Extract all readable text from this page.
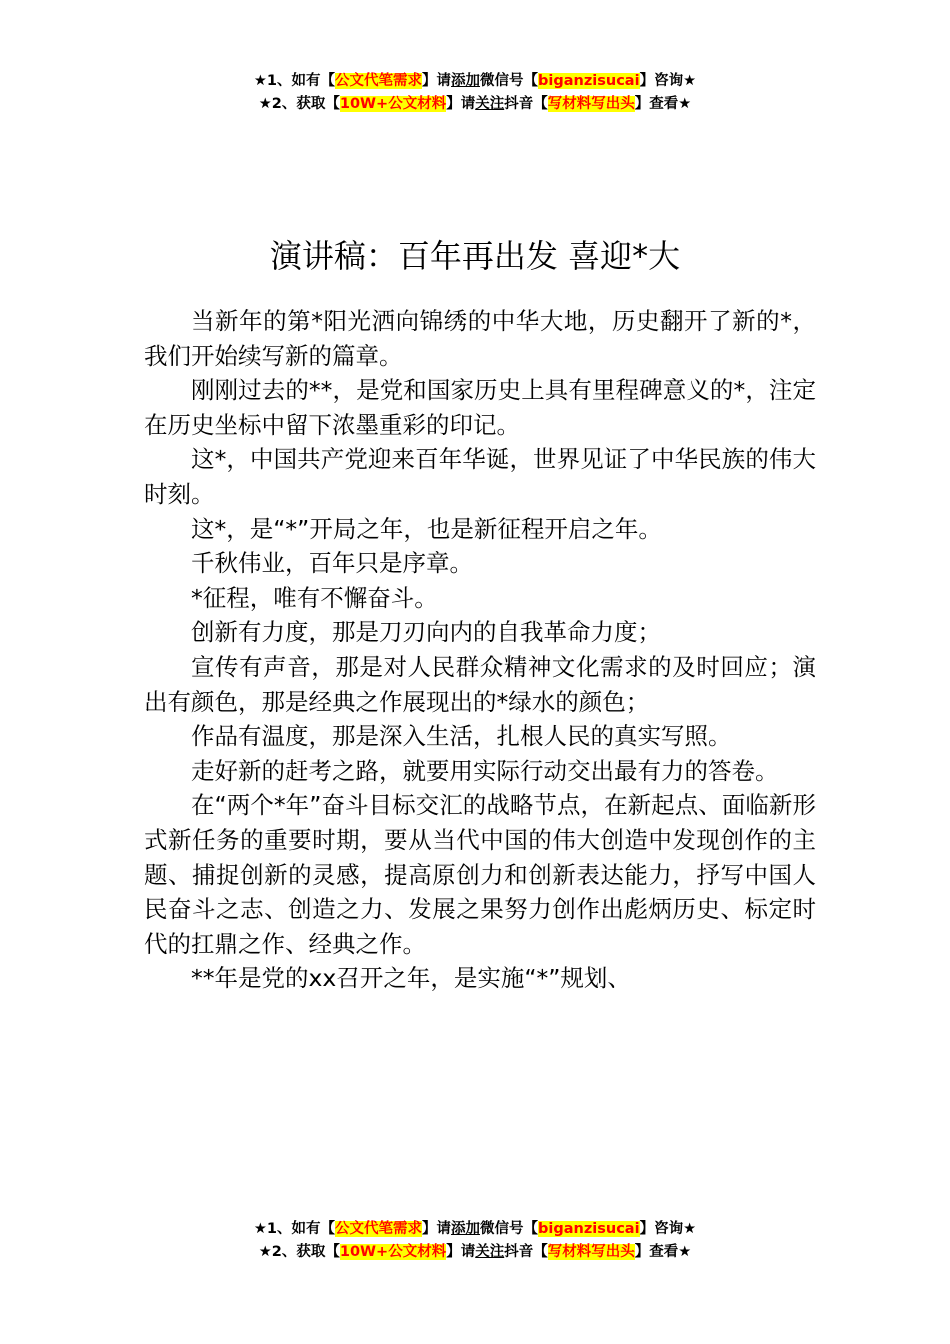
★1、如有【公文代笔需求】请添加微信号【biganzisucai】咨询★
★2、获取【10W+公文材料】请关注抖音【写材料写出头】查看★
演讲稿：百年再出发 喜迎*大

当新年的第*阳光洒向锦绣的中华大地，历史翻开了新的*，我们开始续写新的篇章。

刚刚过去的**，是党和国家历史上具有里程碑意义的*，注定在历史坐标中留下浓墨重彩的印记。

这*，中国共产党迎来百年华诞，世界见证了中华民族的伟大时刻。

这*，是“*”开局之年，也是新征程开启之年。

千秋伟业，百年只是序章。

*征程，唯有不懈奋斗。

创新有力度，那是刀刃向内的自我革命力度；

宣传有声音，那是对人民群众精神文化需求的及时回应；演出有颜色，那是经典之作展现出的*绿水的颜色；

作品有温度，那是深入生活，扎根人民的真实写照。

走好新的赶考之路，就要用实际行动交出最有力的答卷。

在“两个*年”奋斗目标交汇的战略节点，在新起点、面临新形式新任务的重要时期，要从当代中国的伟大创造中发现创作的主题、捕捉创新的灵感，提高原创力和创新表达能力，抒写中国人民奋斗之志、创造之力、发展之果努力创作出彪炳历史、标定时代的扛鼎之作、经典之作。

**年是党的xx召开之年，是实施“*”规划、

★1、如有【公文代笔需求】请添加微信号【biganzisucai】咨询★
★2、获取【10W+公文材料】请关注抖音【写材料写出头】查看★
